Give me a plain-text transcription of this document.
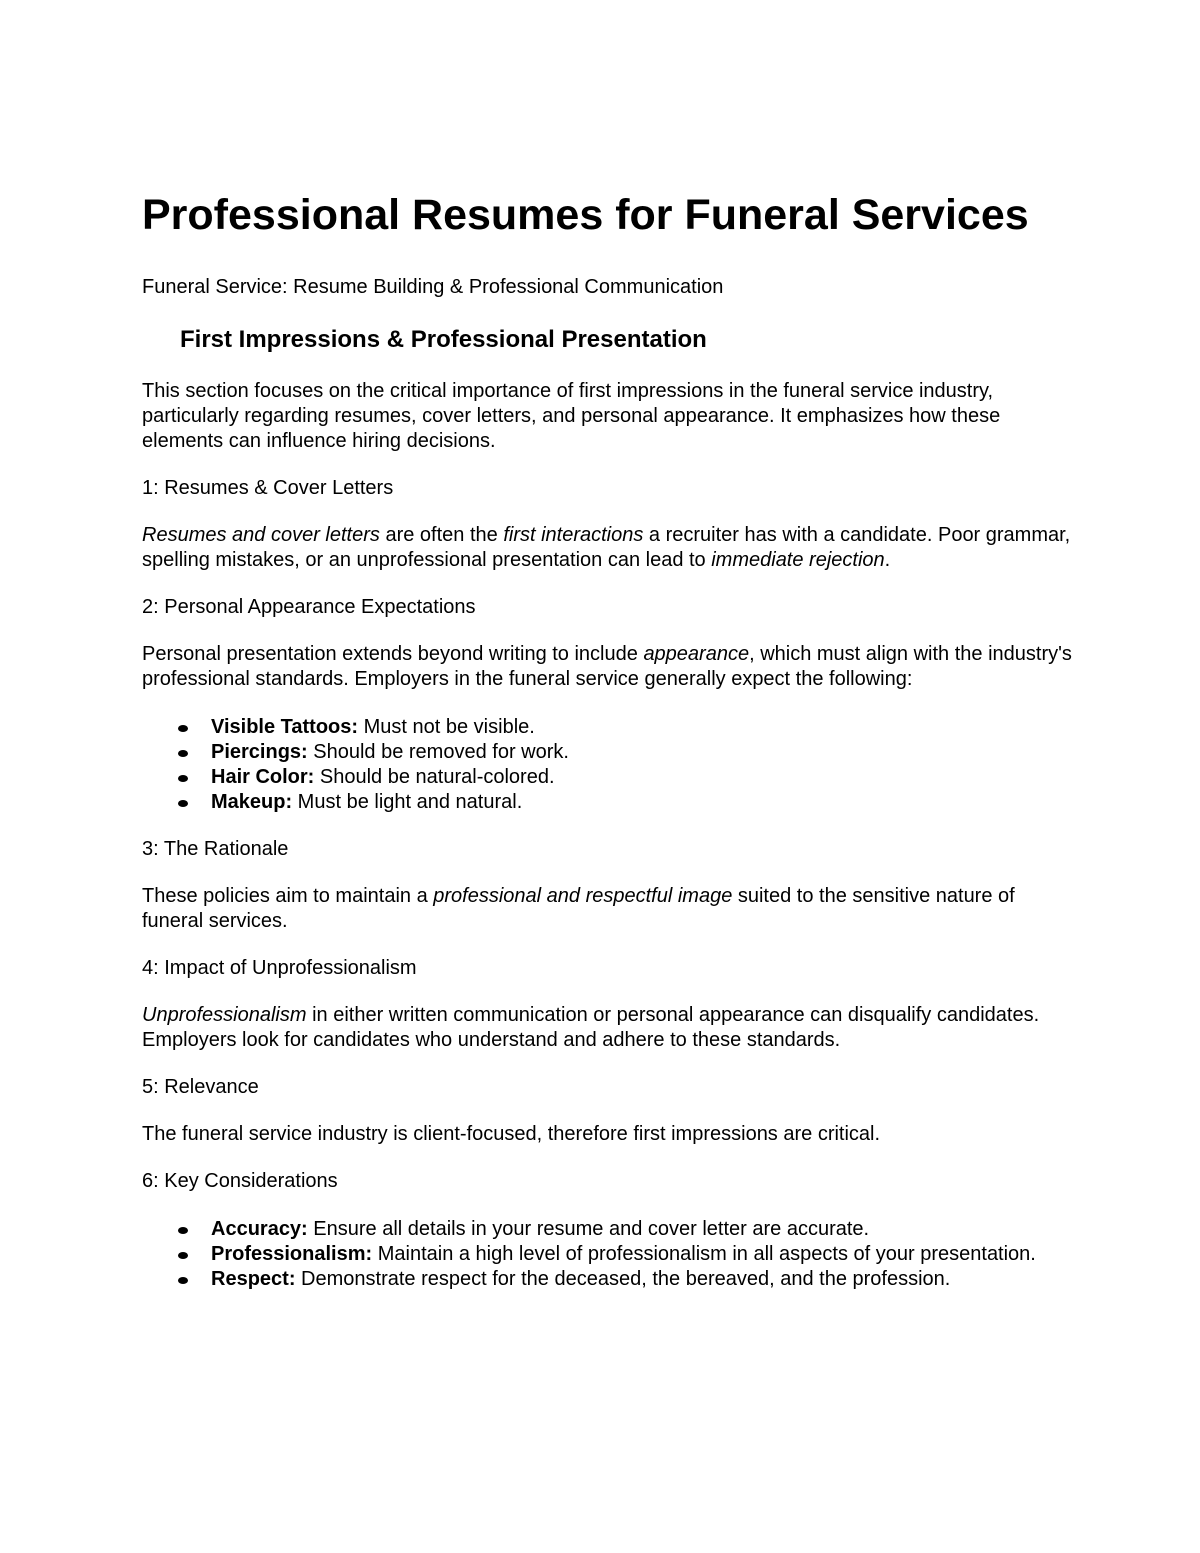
Professional Resumes for Funeral Services

Funeral Service: Resume Building & Professional Communication

First Impressions & Professional Presentation

This section focuses on the critical importance of first impressions in the funeral service industry, particularly regarding resumes, cover letters, and personal appearance. It emphasizes how these elements can influence hiring decisions.

1: Resumes & Cover Letters

Resumes and cover letters are often the first interactions a recruiter has with a candidate. Poor grammar, spelling mistakes, or an unprofessional presentation can lead to immediate rejection.

2: Personal Appearance Expectations

Personal presentation extends beyond writing to include appearance, which must align with the industry's professional standards. Employers in the funeral service generally expect the following:

Visible Tattoos: Must not be visible.
Piercings: Should be removed for work.
Hair Color: Should be natural-colored.
Makeup: Must be light and natural.

3: The Rationale

These policies aim to maintain a professional and respectful image suited to the sensitive nature of funeral services.

4: Impact of Unprofessionalism

Unprofessionalism in either written communication or personal appearance can disqualify candidates. Employers look for candidates who understand and adhere to these standards.

5: Relevance

The funeral service industry is client-focused, therefore first impressions are critical.

6: Key Considerations

Accuracy: Ensure all details in your resume and cover letter are accurate.
Professionalism: Maintain a high level of professionalism in all aspects of your presentation.
Respect: Demonstrate respect for the deceased, the bereaved, and the profession.
